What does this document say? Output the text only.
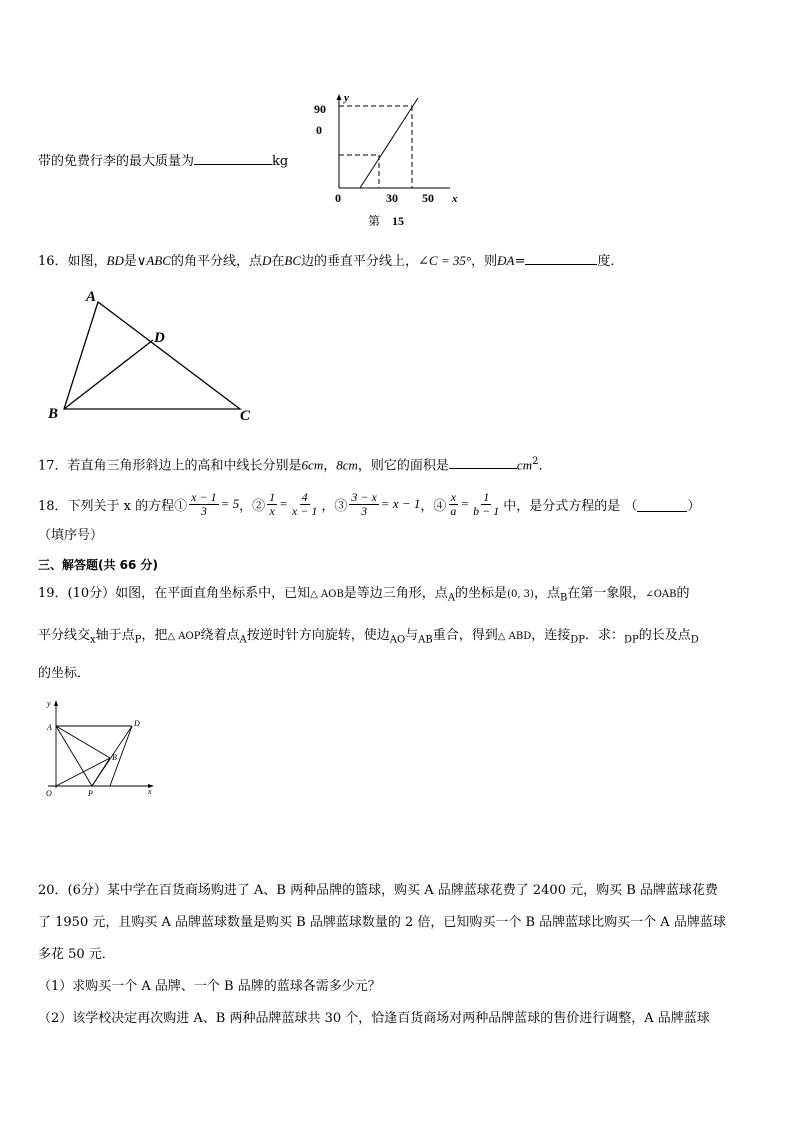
带的免费行李的最大质量为	kg
y
90
0
0	30 50 x
第 15
16．如图，BD是∨ABC的角平分线，点D在BC边的垂直平分线上，∠C = 35°，则ÐA=	度．
A
B	C
D
17．若直角三角形斜边上的高和中线长分别是6cm，8cm，则它的面积是	$cm^2$．
18．下列关于 x 的方程① $\frac{x - 1}{3} = 5$ ，② $\frac{1}{x} = \frac{4}{x - 1}$ ，③ $\frac{3 - x}{3} = x - 1$ ，④ $\frac{x}{a} = \frac{1}{b - 1}$ 中，是分式方程的是 （	）
（填序号）
三、解答题(共 66 分)
19．(10分）如图，在平面直角坐标系中，已知△ AOB是等边三角形，点$_A$的坐标是(0, 3)，点$_B$在第一象限，∠OAB的
平分线交$_x$轴于点$_P$，把△ AOP绕着点$_A$按逆时针方向旋转，使边$_{AO}$与$_{AB}$重合，得到△ ABD，连接$_{DP}$．求：$_{DP}$的长及点$_D$
的坐标．
y
A	D
B
O	P	x
20．(6分）某中学在百货商场购进了 A、B 两种品牌的篮球，购买 A 品牌蓝球花费了 2400 元，购买 B 品牌蓝球花费
了 1950 元，且购买 A 品牌蓝球数量是购买 B 品牌蓝球数量的 2 倍，已知购买一个 B 品牌蓝球比购买一个 A 品牌蓝球
多花 50 元．
（1）求购买一个 A 品牌、一个 B 品牌的蓝球各需多少元？
（2）该学校决定再次购进 A、B 两种品牌蓝球共 30 个，恰逢百货商场对两种品牌蓝球的售价进行调整，A 品牌蓝球
